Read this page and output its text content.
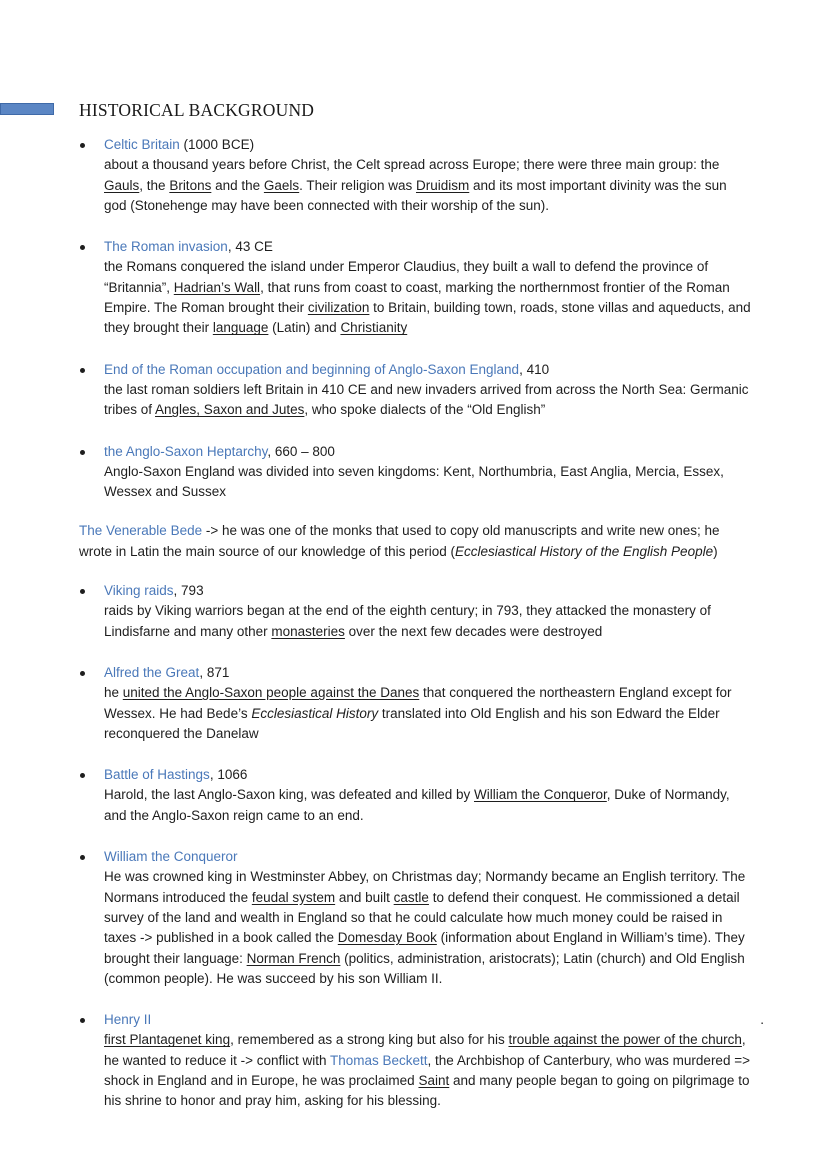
HISTORICAL BACKGROUND

Celtic Britain (1000 BCE)

about a thousand years before Christ, the Celt spread across Europe; there were three main group: the Gauls, the Britons and the Gaels. Their religion was Druidism and its most important divinity was the sun god (Stonehenge may have been connected with their worship of the sun).

The Roman invasion, 43 CE

the Romans conquered the island under Emperor Claudius, they built a wall to defend the province of “Britannia”, Hadrian’s Wall, that runs from coast to coast, marking the northernmost frontier of the Roman Empire. The Roman brought their civilization to Britain, building town, roads, stone villas and aqueducts, and they brought their language (Latin) and Christianity

End of the Roman occupation and beginning of Anglo-Saxon England, 410

the last roman soldiers left Britain in 410 CE and new invaders arrived from across the North Sea: Germanic tribes of Angles, Saxon and Jutes, who spoke dialects of the “Old English”

the Anglo-Saxon Heptarchy, 660 – 800

Anglo-Saxon England was divided into seven kingdoms: Kent, Northumbria, East Anglia, Mercia, Essex, Wessex and Sussex

The Venerable Bede -> he was one of the monks that used to copy old manuscripts and write new ones; he wrote in Latin the main source of our knowledge of this period (Ecclesiastical History of the English People)

Viking raids, 793

raids by Viking warriors began at the end of the eighth century; in 793, they attacked the monastery of Lindisfarne and many other monasteries over the next few decades were destroyed

Alfred the Great, 871

he united the Anglo-Saxon people against the Danes that conquered the northeastern England except for Wessex. He had Bede’s Ecclesiastical History translated into Old English and his son Edward the Elder reconquered the Danelaw

Battle of Hastings, 1066

Harold, the last Anglo-Saxon king, was defeated and killed by William the Conqueror, Duke of Normandy, and the Anglo-Saxon reign came to an end.

William the Conqueror

He was crowned king in Westminster Abbey, on Christmas day; Normandy became an English territory. The Normans introduced the feudal system and built castle to defend their conquest. He commissioned a detail survey of the land and wealth in England so that he could calculate how much money could be raised in taxes -> published in a book called the Domesday Book (information about England in William’s time). They brought their language: Norman French (politics, administration, aristocrats); Latin (church) and Old English (common people). He was succeed by his son William II.

.

Henry II

first Plantagenet king, remembered as a strong king but also for his trouble against the power of the church, he wanted to reduce it -> conflict with Thomas Beckett, the Archbishop of Canterbury, who was murdered => shock in England and in Europe, he was proclaimed Saint and many people began to going on pilgrimage to his shrine to honor and pray him, asking for his blessing.
